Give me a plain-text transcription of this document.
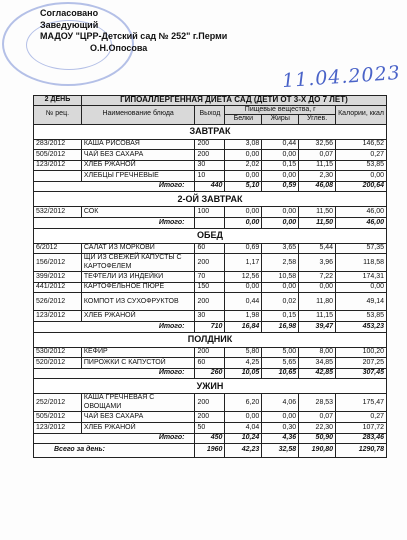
Согласовано
Заведующий
МАДОУ "ЦРР-Детский сад № 252" г.Перми
О.Н.Опосова
11.04.2023
2 ДЕНЬ	ГИПОАЛЛЕРГЕННАЯ ДИЕТА САД (ДЕТИ ОТ 3-Х ДО 7 ЛЕТ)					
№ рец.	Наименование блюда	Выход	Пищевые вещества, г			Калории, ккал
			Белки	Жиры	Углев.	
ЗАВТРАК						
283/2012	КАША РИСОВАЯ	200	3,08	0,44	32,56	146,52
505/2012	ЧАЙ БЕЗ САХАРА	200	0,00	0,00	0,07	0,27
123/2012	ХЛЕБ РЖАНОЙ	30	2,02	0,15	11,15	53,85
	ХЛЕБЦЫ ГРЕЧНЕВЫЕ	10	0,00	0,00	2,30	0,00
Итого:		440	5,10	0,59	46,08	200,64
2-ОЙ ЗАВТРАК						
532/2012	СОК	100	0,00	0,00	11,50	46,00
Итого:			0,00	0,00	11,50	46,00
ОБЕД						
6/2012	САЛАТ ИЗ МОРКОВИ	60	0,69	3,65	5,44	57,35
156/2012	ЩИ ИЗ СВЕЖЕЙ КАПУСТЫ С КАРТОФЕЛЕМ	200	1,17	2,58	3,96	118,58
399/2012	ТЕФТЕЛИ ИЗ ИНДЕЙКИ	70	12,56	10,58	7,22	174,31
441/2012	КАРТОФЕЛЬНОЕ ПЮРЕ	150	0,00	0,00	0,00	0,00
526/2012	КОМПОТ ИЗ СУХОФРУКТОВ	200	0,44	0,02	11,80	49,14
123/2012	ХЛЕБ РЖАНОЙ	30	1,98	0,15	11,15	53,85
Итого:		710	16,84	16,98	39,47	453,23
ПОЛДНИК						
530/2012	КЕФИР	200	5,80	5,00	8,00	100,20
520/2012	ПИРОЖКИ С КАПУСТОЙ	60	4,25	5,65	34,85	207,25
Итого:		260	10,05	10,65	42,85	307,45
УЖИН						
252/2012	КАША ГРЕЧНЕВАЯ С ОВОЩАМИ	200	6,20	4,06	28,53	175,47
505/2012	ЧАЙ БЕЗ САХАРА	200	0,00	0,00	0,07	0,27
123/2012	ХЛЕБ РЖАНОЙ	50	4,04	0,30	22,30	107,72
Итого:		450	10,24	4,36	50,90	283,46
Всего за день:		1960	42,23	32,58	190,80	1290,78
